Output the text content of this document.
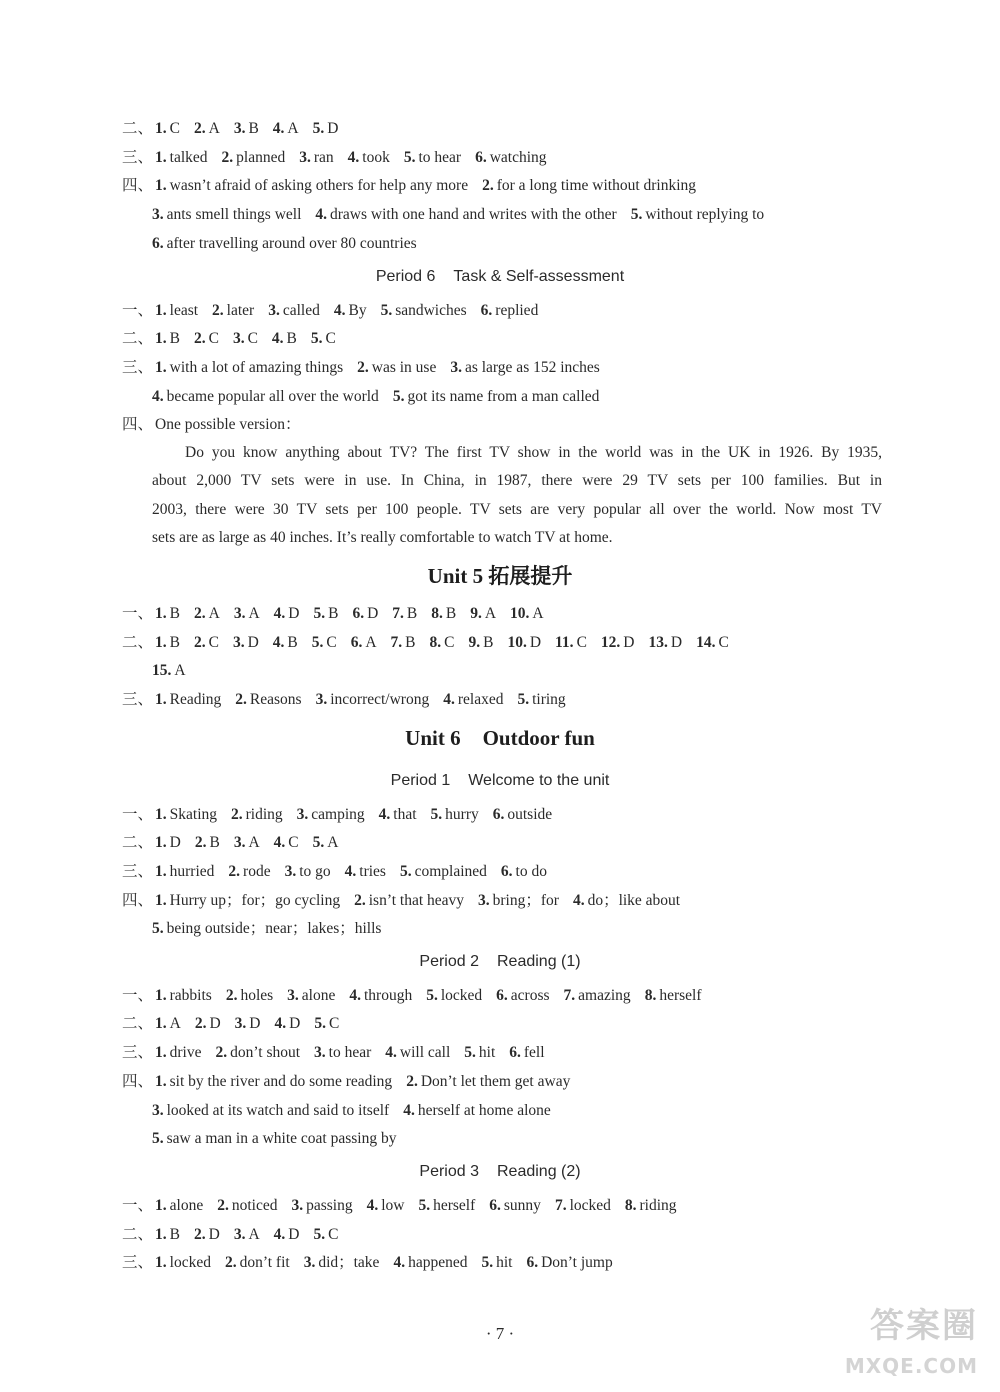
二、 1. C 2. A 3. B 4. A 5. D
三、 1. talked 2. planned 3. ran 4. took 5. to hear 6. watching
四、 1. wasn’t afraid of asking others for help any more 2. for a long time without drinking
3. ants smell things well 4. draws with one hand and writes with the other 5. without replying to
6. after travelling around over 80 countries
Period 6 Task & Self-assessment
一、 1. least 2. later 3. called 4. By 5. sandwiches 6. replied
二、 1. B 2. C 3. C 4. B 5. C
三、 1. with a lot of amazing things 2. was in use 3. as large as 152 inches
4. became popular all over the world 5. got its name from a man called
四、 One possible version：
Do you know anything about TV? The first TV show in the world was in the UK in 1926. By 1935,
about 2,000 TV sets were in use. In China, in 1987, there were 29 TV sets per 100 families. But in
2003, there were 30 TV sets per 100 people. TV sets are very popular all over the world. Now most TV
sets are as large as 40 inches. It’s really comfortable to watch TV at home.
Unit 5 拓展提升
一、 1. B 2. A 3. A 4. D 5. B 6. D 7. B 8. B 9. A 10. A
二、 1. B 2. C 3. D 4. B 5. C 6. A 7. B 8. C 9. B 10. D 11. C 12. D 13. D 14. C
15. A
三、 1. Reading 2. Reasons 3. incorrect/wrong 4. relaxed 5. tiring
Unit 6 Outdoor fun
Period 1 Welcome to the unit
一、 1. Skating 2. riding 3. camping 4. that 5. hurry 6. outside
二、 1. D 2. B 3. A 4. C 5. A
三、 1. hurried 2. rode 3. to go 4. tries 5. complained 6. to do
四、 1. Hurry up；for；go cycling 2. isn’t that heavy 3. bring；for 4. do；like about
5. being outside；near；lakes；hills
Period 2 Reading (1)
一、 1. rabbits 2. holes 3. alone 4. through 5. locked 6. across 7. amazing 8. herself
二、 1. A 2. D 3. D 4. D 5. C
三、 1. drive 2. don’t shout 3. to hear 4. will call 5. hit 6. fell
四、 1. sit by the river and do some reading 2. Don’t let them get away
3. looked at its watch and said to itself 4. herself at home alone
5. saw a man in a white coat passing by
Period 3 Reading (2)
一、 1. alone 2. noticed 3. passing 4. low 5. herself 6. sunny 7. locked 8. riding
二、 1. B 2. D 3. A 4. D 5. C
三、 1. locked 2. don’t fit 3. did；take 4. happened 5. hit 6. Don’t jump
· 7 ·	答案圈
MXQE.COM
